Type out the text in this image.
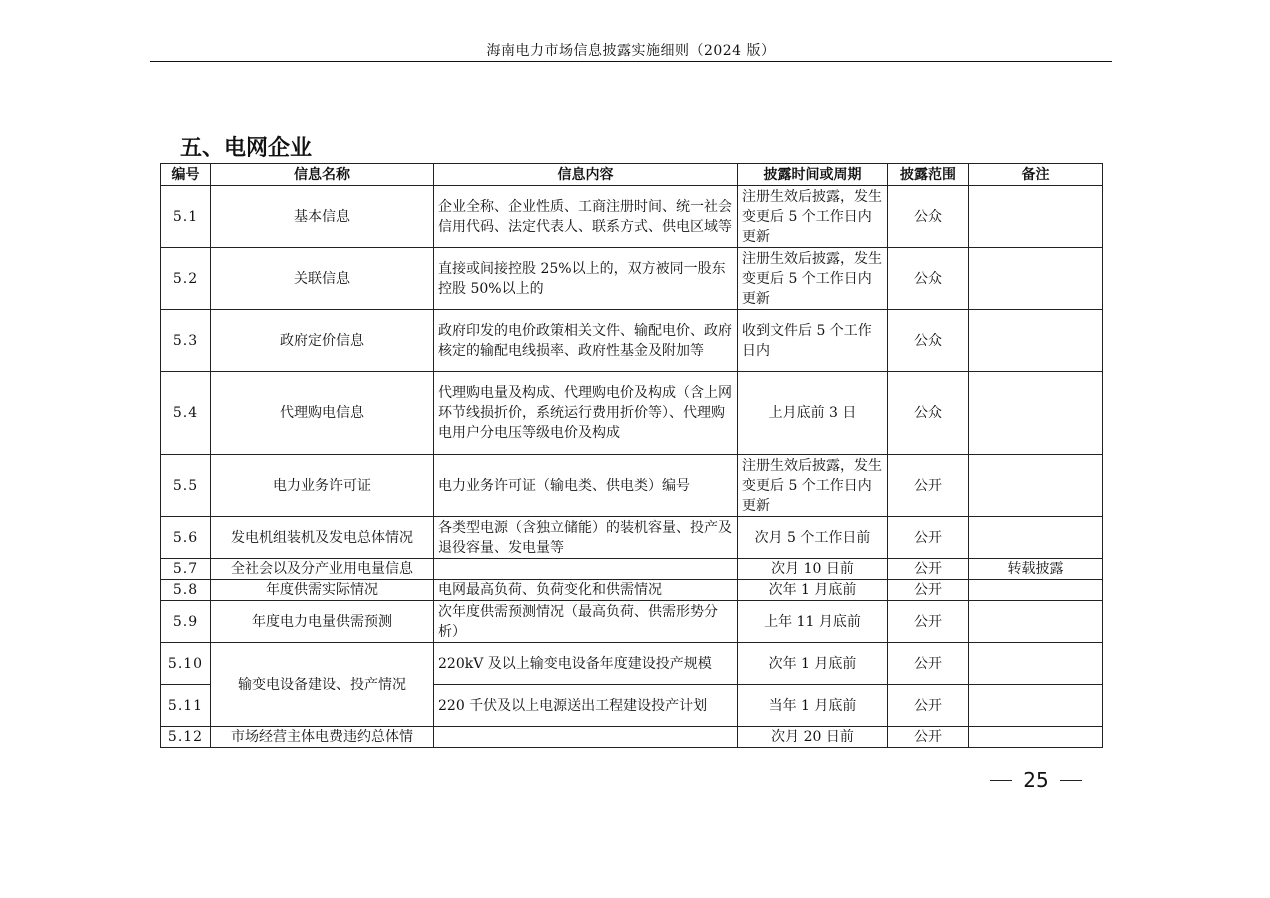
海南电力市场信息披露实施细则（2024 版）
五、电网企业
编号	信息名称	信息内容	披露时间或周期	披露范围	备注
5.1	基本信息	企业全称、企业性质、工商注册时间、统一社会信用代码、法定代表人、联系方式、供电区域等	注册生效后披露，发生变更后 5 个工作日内更新	公众	
5.2	关联信息	直接或间接控股 25%以上的，双方被同一股东控股 50%以上的	注册生效后披露，发生变更后 5 个工作日内更新	公众	
5.3	政府定价信息	政府印发的电价政策相关文件、输配电价、政府核定的输配电线损率、政府性基金及附加等	收到文件后 5 个工作日内	公众	
5.4	代理购电信息	代理购电量及构成、代理购电价及构成（含上网环节线损折价，系统运行费用折价等）、代理购电用户分电压等级电价及构成	上月底前 3 日	公众	
5.5	电力业务许可证	电力业务许可证（输电类、供电类）编号	注册生效后披露，发生变更后 5 个工作日内更新	公开	
5.6	发电机组装机及发电总体情况	各类型电源（含独立储能）的装机容量、投产及退役容量、发电量等	次月 5 个工作日前	公开	
5.7	全社会以及分产业用电量信息		次月 10 日前	公开	转载披露
5.8	年度供需实际情况	电网最高负荷、负荷变化和供需情况	次年 1 月底前	公开	
5.9	年度电力电量供需预测	次年度供需预测情况（最高负荷、供需形势分析）	上年 11 月底前	公开	
5.10	输变电设备建设、投产情况	220kV 及以上输变电设备年度建设投产规模	次年 1 月底前	公开	
5.11		220 千伏及以上电源送出工程建设投产计划	当年 1 月底前	公开	
5.12	市场经营主体电费违约总体情		次月 20 日前	公开	
25
